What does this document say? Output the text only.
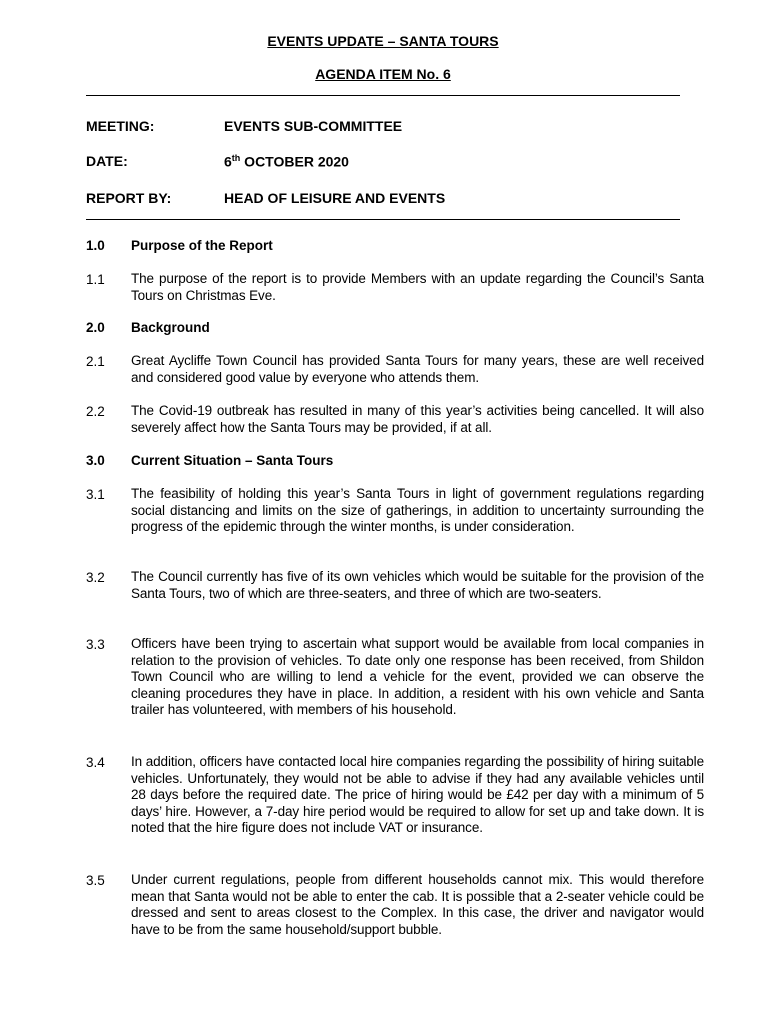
EVENTS UPDATE – SANTA TOURS
AGENDA ITEM No. 6
MEETING:	EVENTS SUB-COMMITTEE
DATE:	6th OCTOBER 2020
REPORT BY:	HEAD OF LEISURE AND EVENTS
1.0 Purpose of the Report
1.1 The purpose of the report is to provide Members with an update regarding the Council’s Santa Tours on Christmas Eve.
2.0 Background
2.1 Great Aycliffe Town Council has provided Santa Tours for many years, these are well received and considered good value by everyone who attends them.
2.2 The Covid-19 outbreak has resulted in many of this year’s activities being cancelled. It will also severely affect how the Santa Tours may be provided, if at all.
3.0 Current Situation – Santa Tours
3.1 The feasibility of holding this year’s Santa Tours in light of government regulations regarding social distancing and limits on the size of gatherings, in addition to uncertainty surrounding the progress of the epidemic through the winter months, is under consideration.
3.2 The Council currently has five of its own vehicles which would be suitable for the provision of the Santa Tours, two of which are three-seaters, and three of which are two-seaters.
3.3 Officers have been trying to ascertain what support would be available from local companies in relation to the provision of vehicles. To date only one response has been received, from Shildon Town Council who are willing to lend a vehicle for the event, provided we can observe the cleaning procedures they have in place. In addition, a resident with his own vehicle and Santa trailer has volunteered, with members of his household.
3.4 In addition, officers have contacted local hire companies regarding the possibility of hiring suitable vehicles. Unfortunately, they would not be able to advise if they had any available vehicles until 28 days before the required date. The price of hiring would be £42 per day with a minimum of 5 days’ hire. However, a 7-day hire period would be required to allow for set up and take down. It is noted that the hire figure does not include VAT or insurance.
3.5 Under current regulations, people from different households cannot mix. This would therefore mean that Santa would not be able to enter the cab. It is possible that a 2-seater vehicle could be dressed and sent to areas closest to the Complex. In this case, the driver and navigator would have to be from the same household/support bubble.
